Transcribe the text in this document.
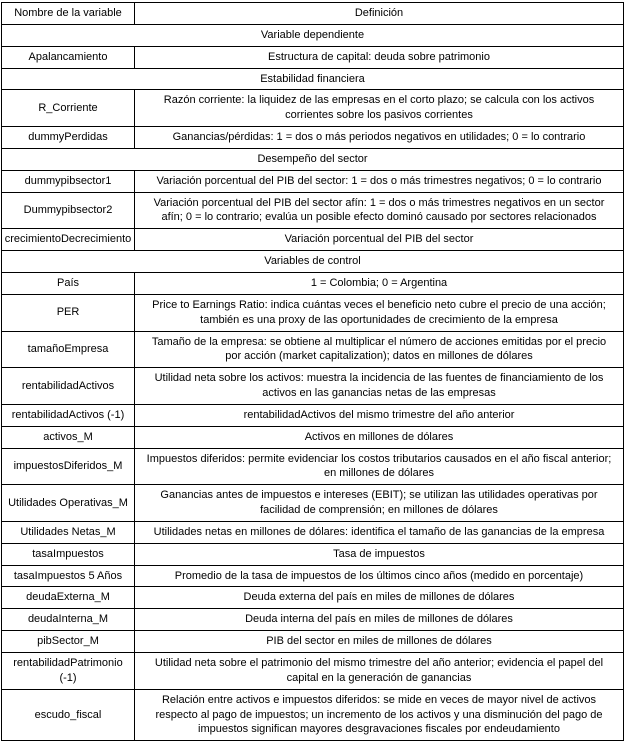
Nombre de la variable	Definición
Variable dependiente	
Apalancamiento	Estructura de capital: deuda sobre patrimonio
Estabilidad financiera	
R_Corriente	Razón corriente: la liquidez de las empresas en el corto plazo; se calcula con los activos corrientes sobre los pasivos corrientes
dummyPerdidas	Ganancias/pérdidas: 1 = dos o más periodos negativos en utilidades; 0 = lo contrario
Desempeño del sector	
dummypibsector1	Variación porcentual del PIB del sector: 1 = dos o más trimestres negativos; 0 = lo contrario
Dummypibsector2	Variación porcentual del PIB del sector afín: 1 = dos o más trimestres negativos en un sector afín; 0 = lo contrario; evalúa un posible efecto dominó causado por sectores relacionados
crecimientoDecrecimiento	Variación porcentual del PIB del sector
Variables de control	
País	1 = Colombia; 0 = Argentina
PER	Price to Earnings Ratio: indica cuántas veces el beneficio neto cubre el precio de una acción; también es una proxy de las oportunidades de crecimiento de la empresa
tamañoEmpresa	Tamaño de la empresa: se obtiene al multiplicar el número de acciones emitidas por el precio por acción (market capitalization); datos en millones de dólares
rentabilidadActivos	Utilidad neta sobre los activos: muestra la incidencia de las fuentes de financiamiento de los activos en las ganancias netas de las empresas
rentabilidadActivos (-1)	rentabilidadActivos del mismo trimestre del año anterior
activos_M	Activos en millones de dólares
impuestosDiferidos_M	Impuestos diferidos: permite evidenciar los costos tributarios causados en el año fiscal anterior; en millones de dólares
Utilidades Operativas_M	Ganancias antes de impuestos e intereses (EBIT); se utilizan las utilidades operativas por facilidad de comprensión; en millones de dólares
Utilidades Netas_M	Utilidades netas en millones de dólares: identifica el tamaño de las ganancias de la empresa
tasaImpuestos	Tasa de impuestos
tasaImpuestos 5 Años	Promedio de la tasa de impuestos de los últimos cinco años (medido en porcentaje)
deudaExterna_M	Deuda externa del país en miles de millones de dólares
deudaInterna_M	Deuda interna del país en miles de millones de dólares
pibSector_M	PIB del sector en miles de millones de dólares
rentabilidadPatrimonio (-1)	Utilidad neta sobre el patrimonio del mismo trimestre del año anterior; evidencia el papel del capital en la generación de ganancias
escudo_fiscal	Relación entre activos e impuestos diferidos: se mide en veces de mayor nivel de activos respecto al pago de impuestos; un incremento de los activos y una disminución del pago de impuestos significan mayores desgravaciones fiscales por endeudamiento
